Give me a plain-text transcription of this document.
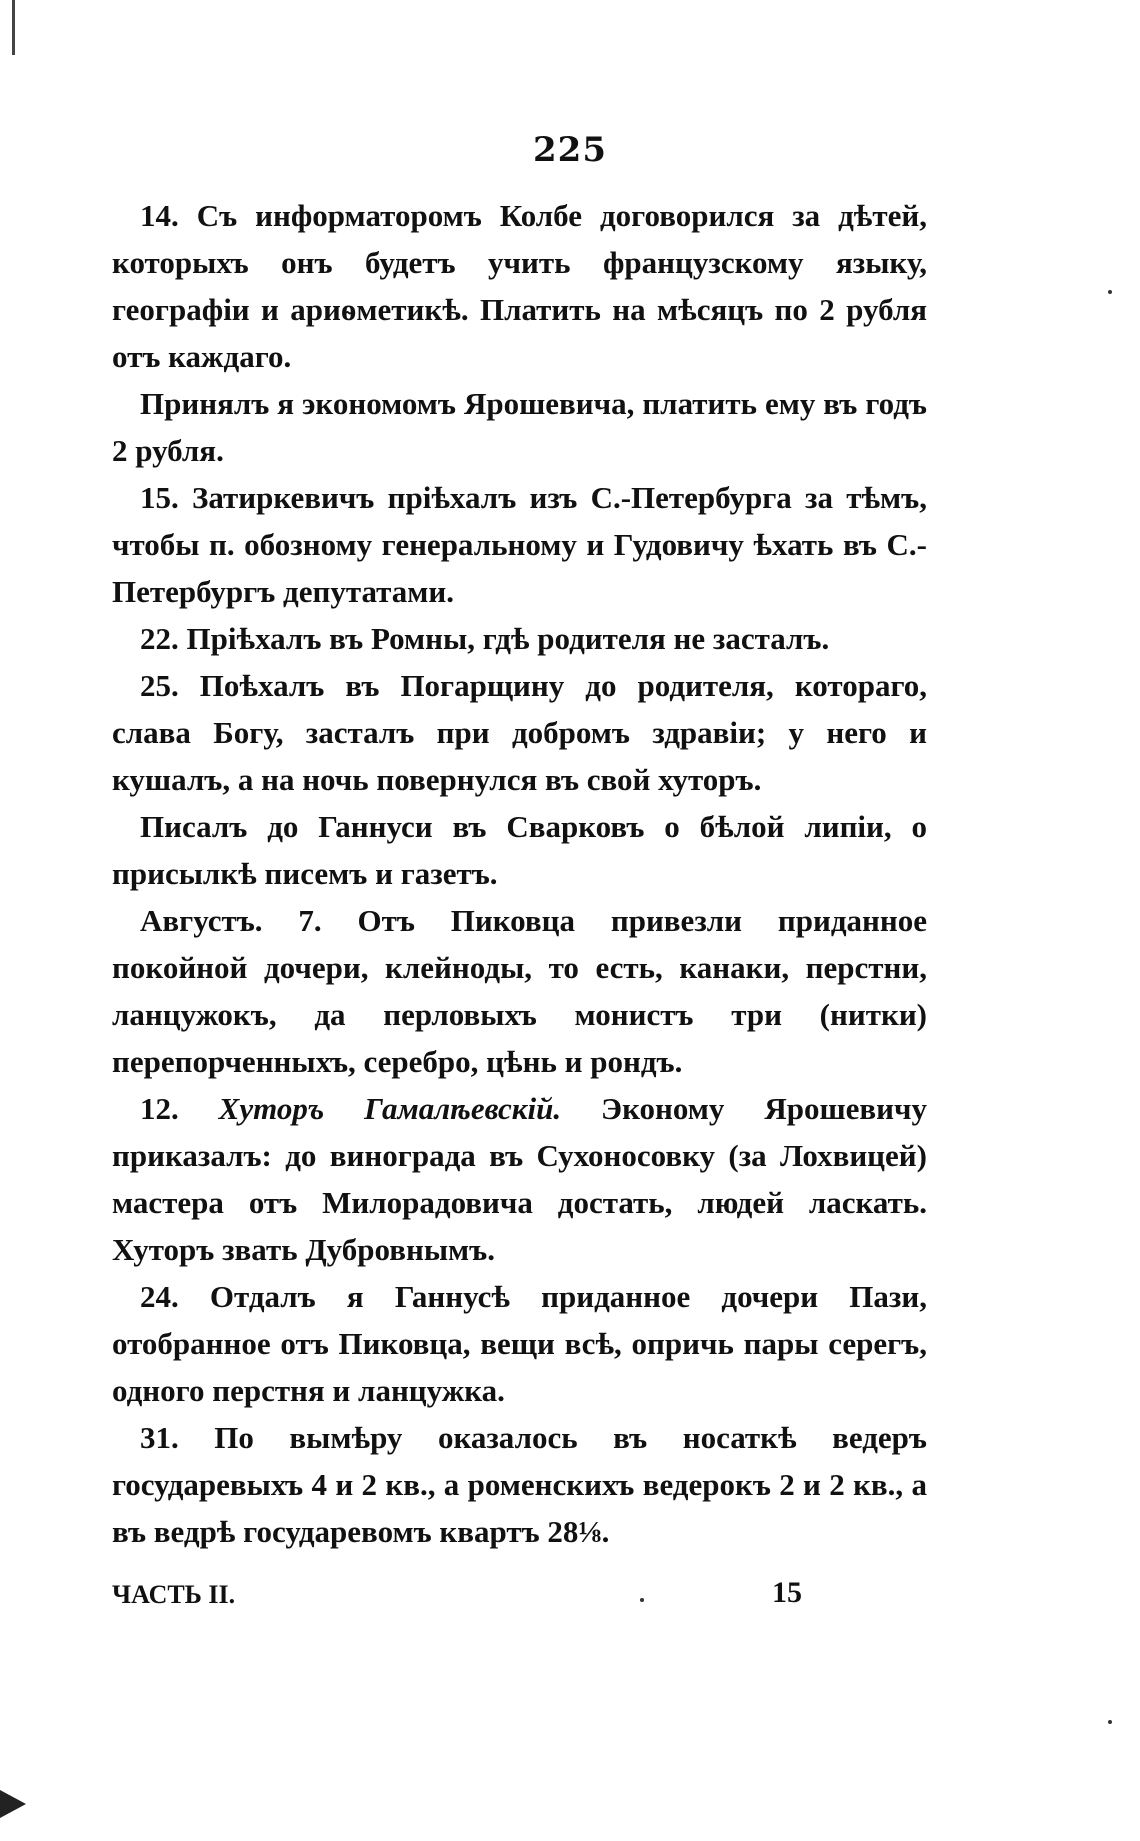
225

14. Съ информаторомъ Колбе договорился за дѣтей, которыхъ онъ будетъ учить французскому языку, географіи и ариѳметикѣ. Платить на мѣсяцъ по 2 рубля отъ каждаго.

Принялъ я экономомъ Ярошевича, платить ему въ годъ 2 рубля.

15. Затиркевичъ пріѣхалъ изъ С.-Петербурга за тѣмъ, чтобы п. обозному генеральному и Гудовичу ѣхать въ С.-Петербургъ депутатами.

22. Пріѣхалъ въ Ромны, гдѣ родителя не засталъ.

25. Поѣхалъ въ Погарщину до родителя, котораго, слава Богу, засталъ при добромъ здравіи; у него и кушалъ, а на ночь повернулся въ свой хуторъ.

Писалъ до Ганнуси въ Сварковъ о бѣлой липіи, о присылкѣ писемъ и газетъ.

Августъ. 7. Отъ Пиковца привезли приданное покойной дочери, клейноды, то есть, канаки, перстни, ланцужокъ, да перловыхъ монистъ три (нитки) перепорченныхъ, серебро, цѣнь и рондъ.

12. Хуторъ Гамалѣевскій. Эконому Ярошевичу приказалъ: до винограда въ Сухоносовку (за Лохвицей) мастера отъ Милорадовича достать, людей ласкать. Хуторъ звать Дубровнымъ.

24. Отдалъ я Ганнусѣ приданное дочери Пази, отобранное отъ Пиковца, вещи всѣ, опричь пары серегъ, одного перстня и ланцужка.

31. По вымѣру оказалось въ носаткѣ ведеръ государевыхъ 4 и 2 кв., а роменскихъ ведерокъ 2 и 2 кв., а въ ведрѣ государевомъ квартъ 28⅛.

ЧАСТЬ II.	15
